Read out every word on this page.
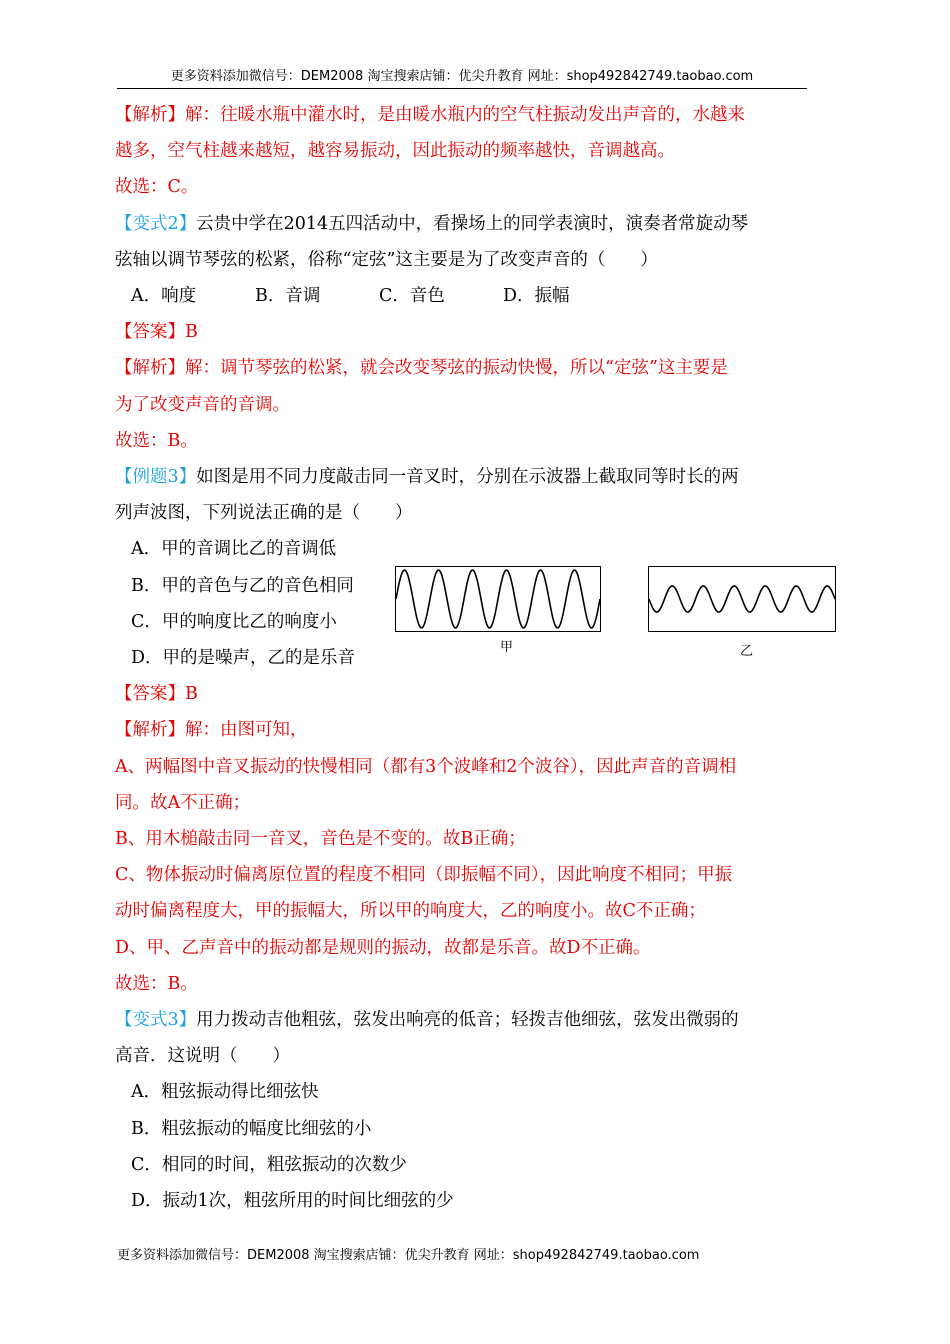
更多资料添加微信号：DEM2008 淘宝搜索店铺：优尖升教育 网址：shop492842749.taobao.com
【解析】解：往暖水瓶中灌水时，是由暖水瓶内的空气柱振动发出声音的，水越来
越多，空气柱越来越短，越容易振动，因此振动的频率越快，音调越高。
故选：C。
【变式2】云贵中学在2014五四活动中，看操场上的同学表演时，演奏者常旋动琴
弦轴以调节琴弦的松紧，俗称“定弦”这主要是为了改变声音的（　　）
A．响度	B．音调	C．音色	D．振幅
【答案】B
【解析】解：调节琴弦的松紧，就会改变琴弦的振动快慢，所以“定弦”这主要是
为了改变声音的音调。
故选：B。
【例题3】如图是用不同力度敲击同一音叉时，分别在示波器上截取同等时长的两
列声波图，下列说法正确的是（　　）
A．甲的音调比乙的音调低
B．甲的音色与乙的音色相同
C．甲的响度比乙的响度小
D．甲的是噪声，乙的是乐音
【答案】B
【解析】解：由图可知，
A、两幅图中音叉振动的快慢相同（都有3个波峰和2个波谷），因此声音的音调相
同。故A不正确；
B、用木槌敲击同一音叉，音色是不变的。故B正确；
C、物体振动时偏离原位置的程度不相同（即振幅不同），因此响度不相同；甲振
动时偏离程度大，甲的振幅大，所以甲的响度大，乙的响度小。故C不正确；
D、甲、乙声音中的振动都是规则的振动，故都是乐音。故D不正确。
故选：B。
【变式3】用力拨动吉他粗弦，弦发出响亮的低音；轻拨吉他细弦，弦发出微弱的
高音．这说明（　　）
A．粗弦振动得比细弦快
B．粗弦振动的幅度比细弦的小
C．相同的时间，粗弦振动的次数少
D．振动1次，粗弦所用的时间比细弦的少
甲	乙
更多资料添加微信号：DEM2008 淘宝搜索店铺：优尖升教育 网址：shop492842749.taobao.com
